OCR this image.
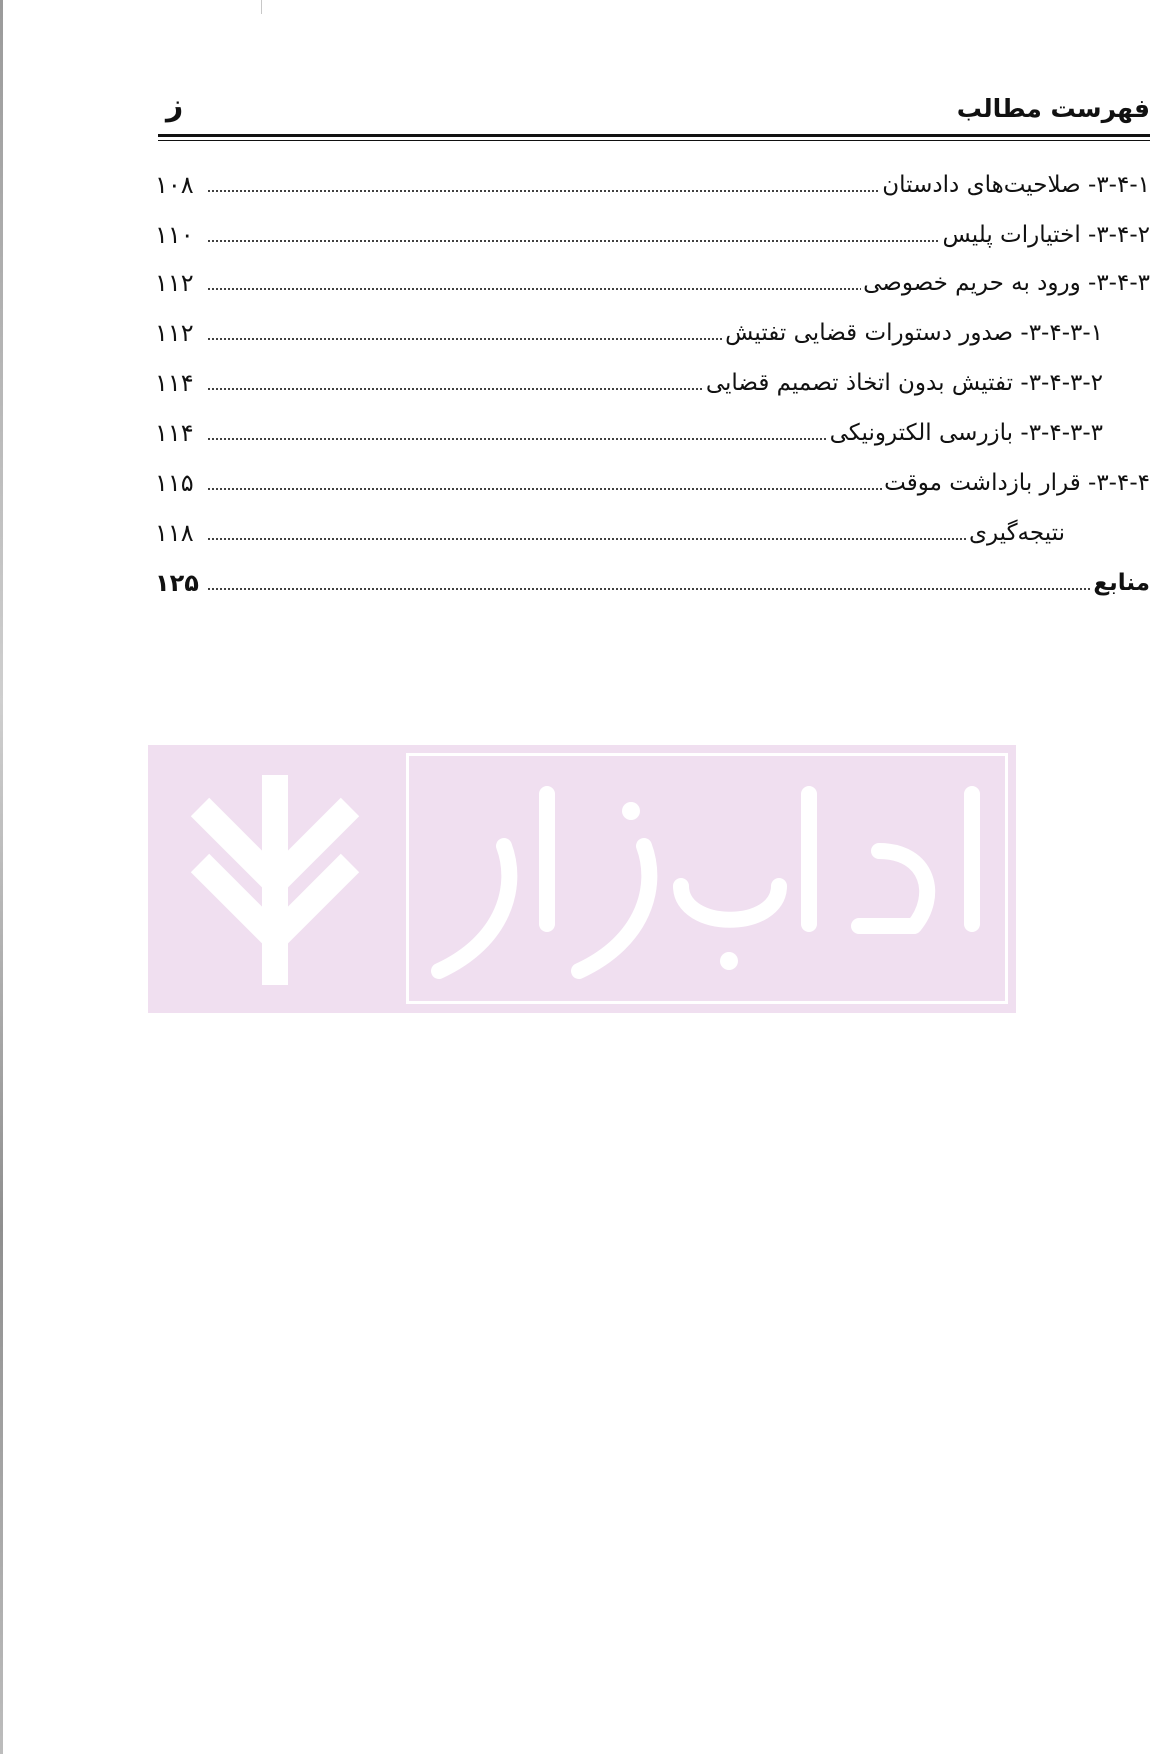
ز	فهرست مطالب
۱۰۸	۳-۴-۱- صلاحیت‌های دادستان
۱۱۰	۳-۴-۲- اختیارات پلیس
۱۱۲	۳-۴-۳- ورود به حریم خصوصی
۱۱۲	۳-۴-۳-۱- صدور دستورات قضایی تفتیش
۱۱۴	۳-۴-۳-۲- تفتیش بدون اتخاذ تصمیم قضایی
۱۱۴	۳-۴-۳-۳- بازرسی الکترونیکی
۱۱۵	۳-۴-۴- قرار بازداشت موقت
۱۱۸	نتیجه‌گیری
۱۲۵	منابع
